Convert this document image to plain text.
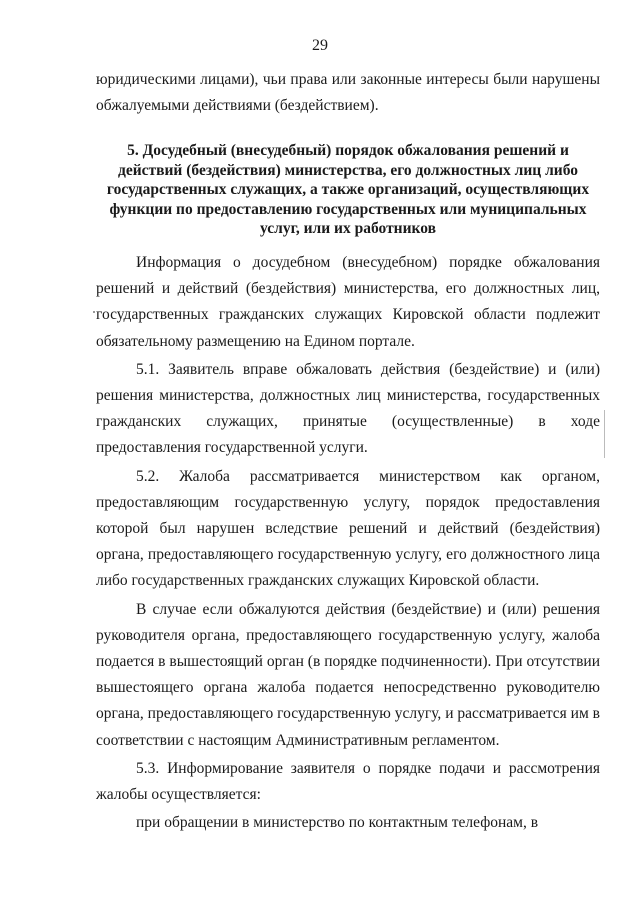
29

юридическими лицами), чьи права или законные интересы были нарушены обжалуемыми действиями (бездействием).

5. Досудебный (внесудебный) порядок обжалования решений и действий (бездействия) министерства, его должностных лиц либо государственных служащих, а также организаций, осуществляющих функции по предоставлению государственных или муниципальных услуг, или их работников

Информация о досудебном (внесудебном) порядке обжалования решений и действий (бездействия) министерства, его должностных лиц, государственных гражданских служащих Кировской области подлежит обязательному размещению на Едином портале.

5.1. Заявитель вправе обжаловать действия (бездействие) и (или) решения министерства, должностных лиц министерства, государственных гражданских служащих, принятые (осуществленные) в ходе предоставления государственной услуги.

5.2. Жалоба рассматривается министерством как органом, предоставляющим государственную услугу, порядок предоставления которой был нарушен вследствие решений и действий (бездействия) органа, предоставляющего государственную услугу, его должностного лица либо государственных гражданских служащих Кировской области.

В случае если обжалуются действия (бездействие) и (или) решения руководителя органа, предоставляющего государственную услугу, жалоба подается в вышестоящий орган (в порядке подчиненности). При отсутствии вышестоящего органа жалоба подается непосредственно руководителю органа, предоставляющего государственную услугу, и рассматривается им в соответствии с настоящим Административным регламентом.

5.3. Информирование заявителя о порядке подачи и рассмотрения жалобы осуществляется:

при обращении в министерство по контактным телефонам, в
